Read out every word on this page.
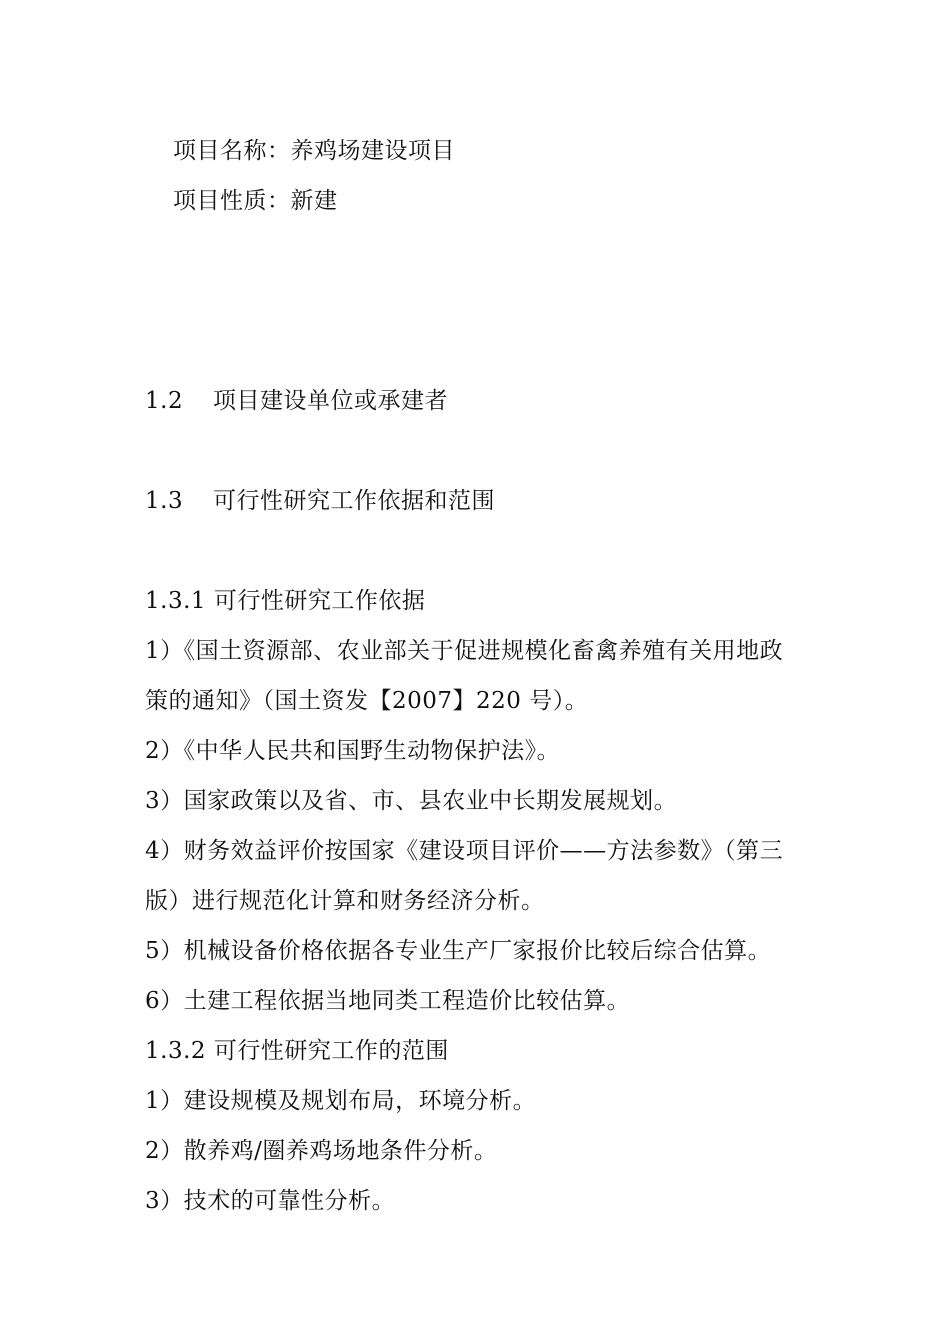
项目名称：养鸡场建设项目
项目性质：新建
1.2 项目建设单位或承建者
1.3 可行性研究工作依据和范围
1.3.1 可行性研究工作依据
1）《国土资源部、农业部关于促进规模化畜禽养殖有关用地政
策的通知》（国土资发【2007】220 号）。
2）《中华人民共和国野生动物保护法》。
3）国家政策以及省、市、县农业中长期发展规划。
4）财务效益评价按国家《建设项目评价——方法参数》（第三
版）进行规范化计算和财务经济分析。
5）机械设备价格依据各专业生产厂家报价比较后综合估算。
6）土建工程依据当地同类工程造价比较估算。
1.3.2 可行性研究工作的范围
1）建设规模及规划布局，环境分析。
2）散养鸡/圈养鸡场地条件分析。
3）技术的可靠性分析。
